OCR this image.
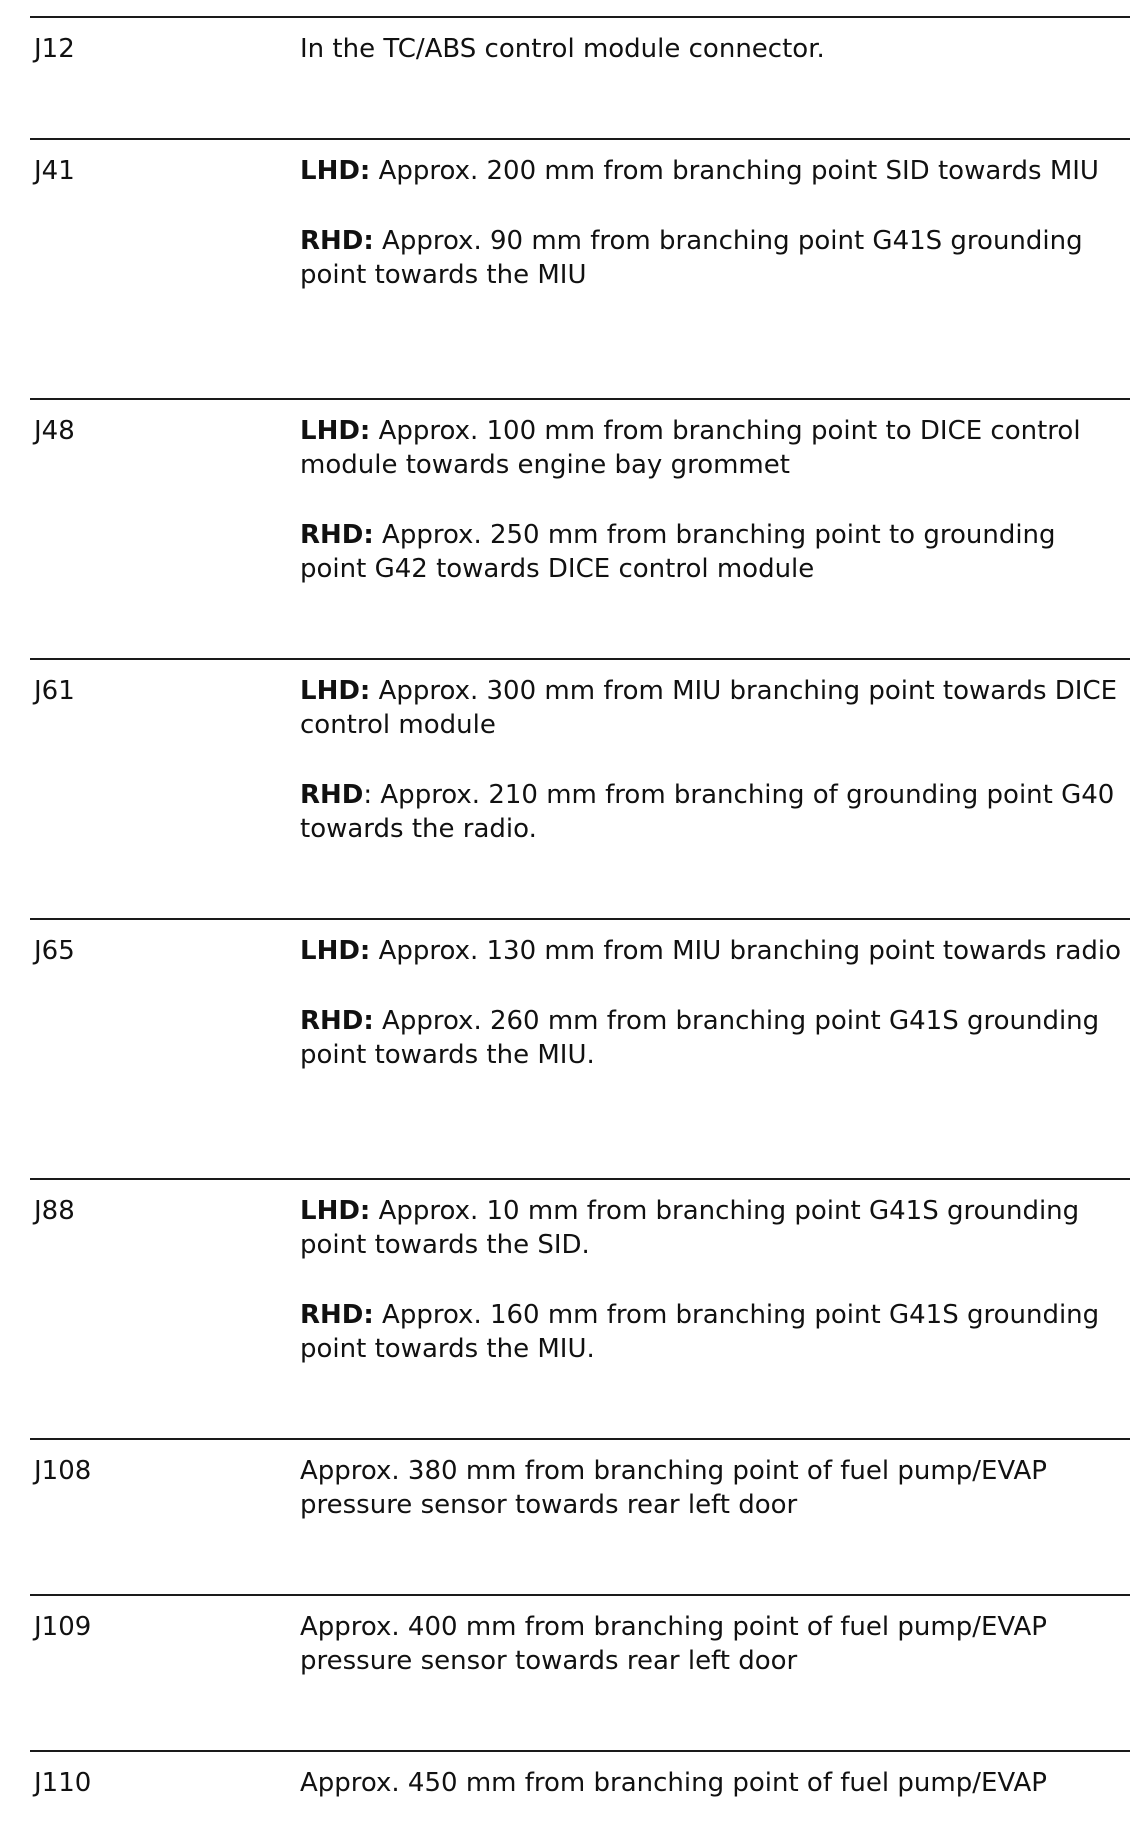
J12	In the TC/ABS control module connector.

J41	LHD: Approx. 200 mm from branching point SID towards MIU

RHD: Approx. 90 mm from branching point G41S grounding point towards the MIU

J48	LHD: Approx. 100 mm from branching point to DICE control module towards engine bay grommet

RHD: Approx. 250 mm from branching point to grounding point G42 towards DICE control module

J61	LHD: Approx. 300 mm from MIU branching point towards DICE control module

RHD: Approx. 210 mm from branching of grounding point G40 towards the radio.

J65	LHD: Approx. 130 mm from MIU branching point towards radio

RHD: Approx. 260 mm from branching point G41S grounding point towards the MIU.

J88	LHD: Approx. 10 mm from branching point G41S grounding point towards the SID.

RHD: Approx. 160 mm from branching point G41S grounding point towards the MIU.

J108	Approx. 380 mm from branching point of fuel pump/EVAP pressure sensor towards rear left door

J109	Approx. 400 mm from branching point of fuel pump/EVAP pressure sensor towards rear left door

J110	Approx. 450 mm from branching point of fuel pump/EVAP
